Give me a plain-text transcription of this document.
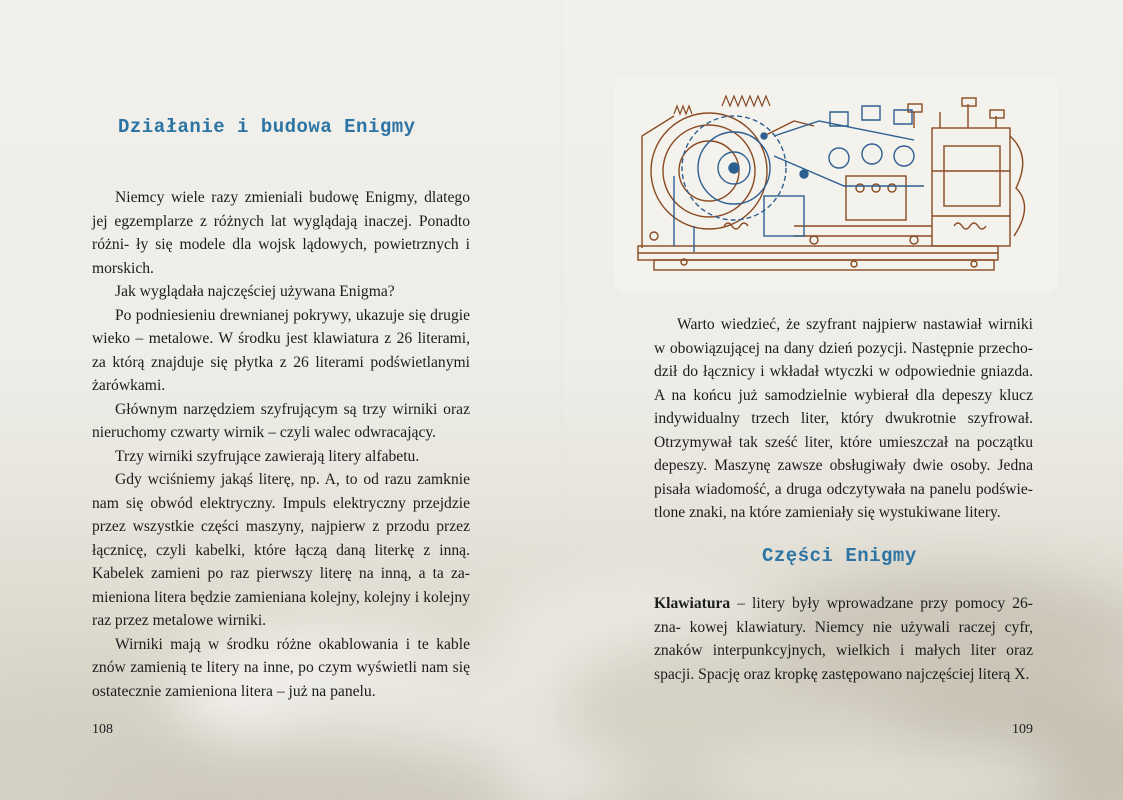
Działanie i budowa Enigmy

Niemcy wiele razy zmieniali budowę Enigmy, dlatego jej egzemplarze z różnych lat wyglądają inaczej. Ponadto różni- ły się modele dla wojsk lądowych, powietrznych i morskich.

Jak wyglądała najczęściej używana Enigma?

Po podniesieniu drewnianej pokrywy, ukazuje się drugie wieko – metalowe. W środku jest klawiatura z 26 literami, za którą znajduje się płytka z 26 literami podświetlanymi żarówkami.

Głównym narzędziem szyfrującym są trzy wirniki oraz nieruchomy czwarty wirnik – czyli walec odwracający.

Trzy wirniki szyfrujące zawierają litery alfabetu.

Gdy wciśniemy jakąś literę, np. A, to od razu zamknie nam się obwód elektryczny. Impuls elektryczny przejdzie przez wszystkie części maszyny, najpierw z przodu przez łącznicę, czyli kabelki, które łączą daną literkę z inną. Kabelek zamieni po raz pierwszy literę na inną, a ta za- mieniona litera będzie zamieniana kolejny, kolejny i kolejny raz przez metalowe wirniki.

Wirniki mają w środku różne okablowania i te kable znów zamienią te litery na inne, po czym wyświetli nam się ostatecznie zamieniona litera – już na panelu.

108

Warto wiedzieć, że szyfrant najpierw nastawiał wirniki w obowiązującej na dany dzień pozycji. Następnie przecho- dził do łącznicy i wkładał wtyczki w odpowiednie gniazda. A na końcu już samodzielnie wybierał dla depeszy klucz indywidualny trzech liter, który dwukrotnie szyfrował. Otrzymywał tak sześć liter, które umieszczał na początku depeszy. Maszynę zawsze obsługiwały dwie osoby. Jedna pisała wiadomość, a druga odczytywała na panelu podświe- tlone znaki, na które zamieniały się wystukiwane litery.

Części Enigmy

Klawiatura – litery były wprowadzane przy pomocy 26-zna- kowej klawiatury. Niemcy nie używali raczej cyfr, znaków interpunkcyjnych, wielkich i małych liter oraz spacji. Spację oraz kropkę zastępowano najczęściej literą X.

109
